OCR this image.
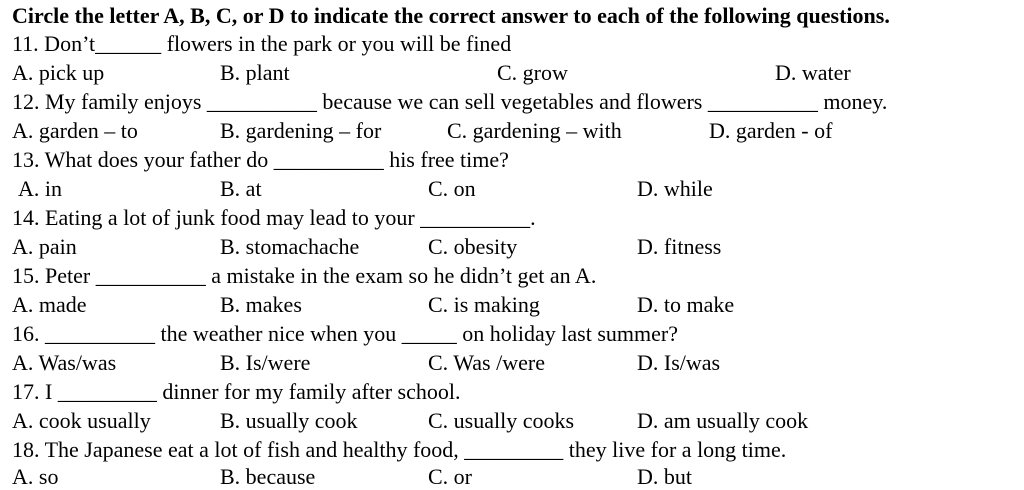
Circle the letter A, B, C, or D to indicate the correct answer to each of the following questions.
11. Don’t______ flowers in the park or you will be fined
A. pick up	B. plant	C. grow	D. water
12. My family enjoys __________ because we can sell vegetables and flowers __________ money.
A. garden – to	B. gardening – for	C. gardening – with	D. garden - of
13. What does your father do __________ his free time?
A. in	B. at	C. on	D. while
14. Eating a lot of junk food may lead to your __________.
A. pain	B. stomachache	C. obesity	D. fitness
15. Peter __________ a mistake in the exam so he didn’t get an A.
A. made	B. makes	C. is making	D. to make
16. __________ the weather nice when you _____ on holiday last summer?
A. Was/was	B. Is/were	C. Was /were	D. Is/was
17. I _________ dinner for my family after school.
A. cook usually	B. usually cook	C. usually cooks	D. am usually cook
18. The Japanese eat a lot of fish and healthy food, _________ they live for a long time.
A. so	B. because	C. or	D. but
